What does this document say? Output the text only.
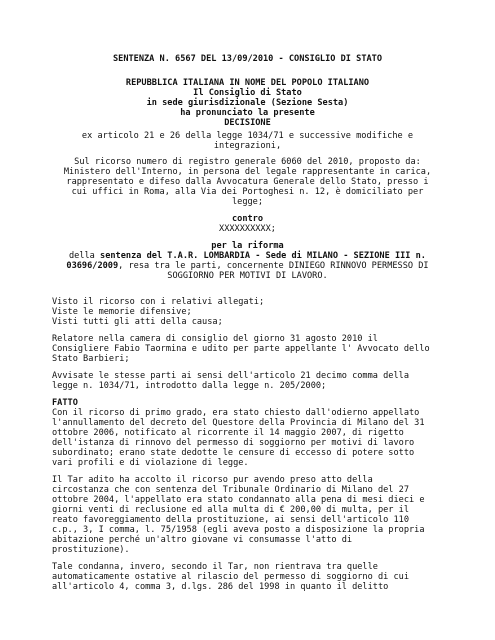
SENTENZA N. 6567 DEL 13/09/2010 - CONSIGLIO DI STATO
REPUBBLICA ITALIANA IN NOME DEL POPOLO ITALIANO
Il Consiglio di Stato
in sede giurisdizionale (Sezione Sesta)
ha pronunciato la presente
DECISIONE
ex articolo 21 e 26 della legge 1034/71 e successive modifiche e
integrazioni,
Sul ricorso numero di registro generale 6060 del 2010, proposto da:
Ministero dell'Interno, in persona del legale rappresentante in carica,
rappresentato e difeso dalla Avvocatura Generale dello Stato, presso i
cui uffici in Roma, alla Via dei Portoghesi n. 12, è domiciliato per
legge;
contro
XXXXXXXXXX;
per la riforma
della sentenza del T.A.R. LOMBARDIA - Sede di MILANO - SEZIONE III n.
03696/2009, resa tra le parti, concernente DINIEGO RINNOVO PERMESSO DI
SOGGIORNO PER MOTIVI DI LAVORO.
Visto il ricorso con i relativi allegati;
Viste le memorie difensive;
Visti tutti gli atti della causa;
Relatore nella camera di consiglio del giorno 31 agosto 2010 il
Consigliere Fabio Taormina e udito per parte appellante l' Avvocato dello
Stato Barbieri;
Avvisate le stesse parti ai sensi dell'articolo 21 decimo comma della
legge n. 1034/71, introdotto dalla legge n. 205/2000;
FATTO
Con il ricorso di primo grado, era stato chiesto dall'odierno appellato
l'annullamento del decreto del Questore della Provincia di Milano del 31
ottobre 2006, notificato al ricorrente il 14 maggio 2007, di rigetto
dell'istanza di rinnovo del permesso di soggiorno per motivi di lavoro
subordinato; erano state dedotte le censure di eccesso di potere sotto
vari profili e di violazione di legge.
Il Tar adito ha accolto il ricorso pur avendo preso atto della
circostanza che con sentenza del Tribunale Ordinario di Milano del 27
ottobre 2004, l'appellato era stato condannato alla pena di mesi dieci e
giorni venti di reclusione ed alla multa di € 200,00 di multa, per il
reato favoreggiamento della prostituzione, ai sensi dell'articolo 110
c.p., 3, I comma, l. 75/1958 (egli aveva posto a disposizione la propria
abitazione perché un'altro giovane vi consumasse l'atto di
prostituzione).
Tale condanna, invero, secondo il Tar, non rientrava tra quelle
automaticamente ostative al rilascio del permesso di soggiorno di cui
all'articolo 4, comma 3, d.lgs. 286 del 1998 in quanto il delitto
